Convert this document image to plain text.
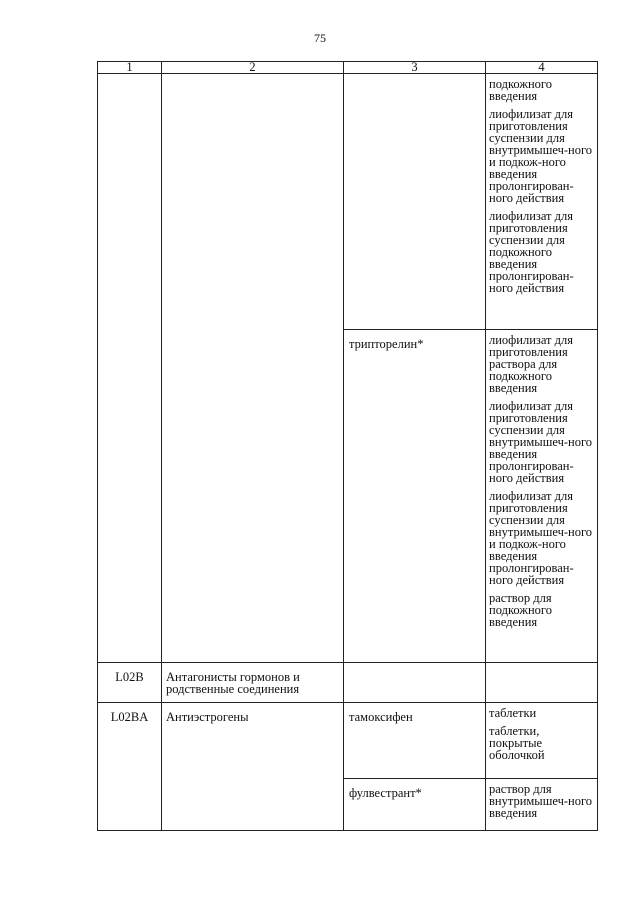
75
1	2	3	4

			подкожного введения
лиофилизат для приготовления суспензии для внутримышеч-ного и подкож-ного введения пролонгирован-ного действия
лиофилизат для приготовления суспензии для подкожного введения пролонгирован-ного действия

		трипторелин*	лиофилизат для приготовления раствора для подкожного введения
лиофилизат для приготовления суспензии для внутримышеч-ного введения пролонгирован-ного действия
лиофилизат для приготовления суспензии для внутримышеч-ного и подкож-ного введения пролонгирован-ного действия
раствор для подкожного введения

L02B	Антагонисты гормонов и родственные соединения		
L02BA	Антиэстрогены	тамоксифен	таблетки
таблетки, покрытые оболочкой

		фулвестрант*	раствор для внутримышеч-ного введения
